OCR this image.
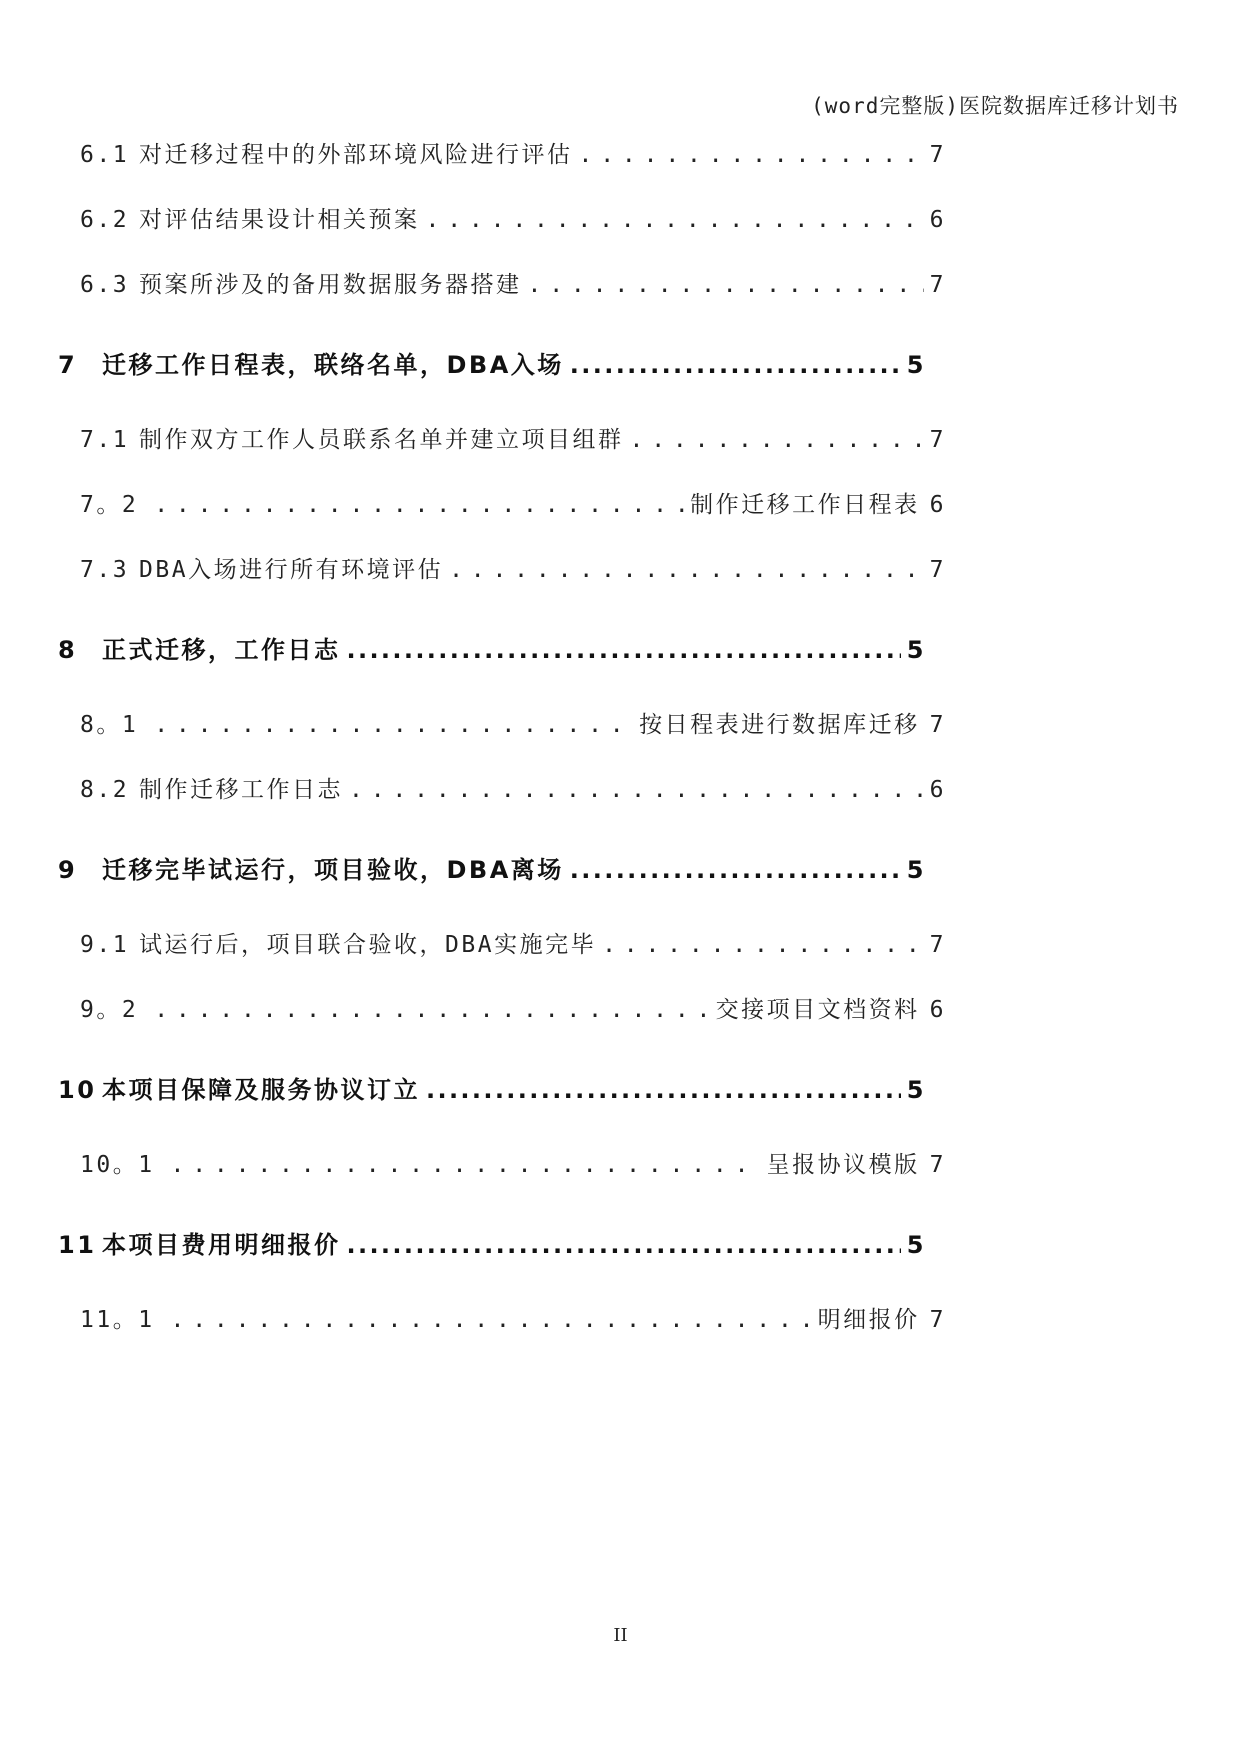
(word完整版)医院数据库迁移计划书
6.1 对迁移过程中的外部环境风险进行评估 . . .	7
6.2 对评估结果设计相关预案 . . .	6
6.3 预案所涉及的备用数据服务器搭建 . . .	7
7	迁移工作日程表，联络名单，DBA入场 . . .	5
7.1 制作双方工作人员联系名单并建立项目组群 . . .	7
7。2 . . .	制作迁移工作日程表 6
7.3 DBA入场进行所有环境评估 . . .	7
8	正式迁移，工作日志 . . .	5
8。1 . . .	按日程表进行数据库迁移 7
8.2 制作迁移工作日志 . . .	6
9	迁移完毕试运行，项目验收，DBA离场 . . .	5
9.1 试运行后，项目联合验收，DBA实施完毕 . . .	7
9。2 . . .	交接项目文档资料 6
10 本项目保障及服务协议订立 . . .	5
10。1 . . .	呈报协议模版 7
11 本项目费用明细报价 . . .	5
11。1 . . .	明细报价 7
II
